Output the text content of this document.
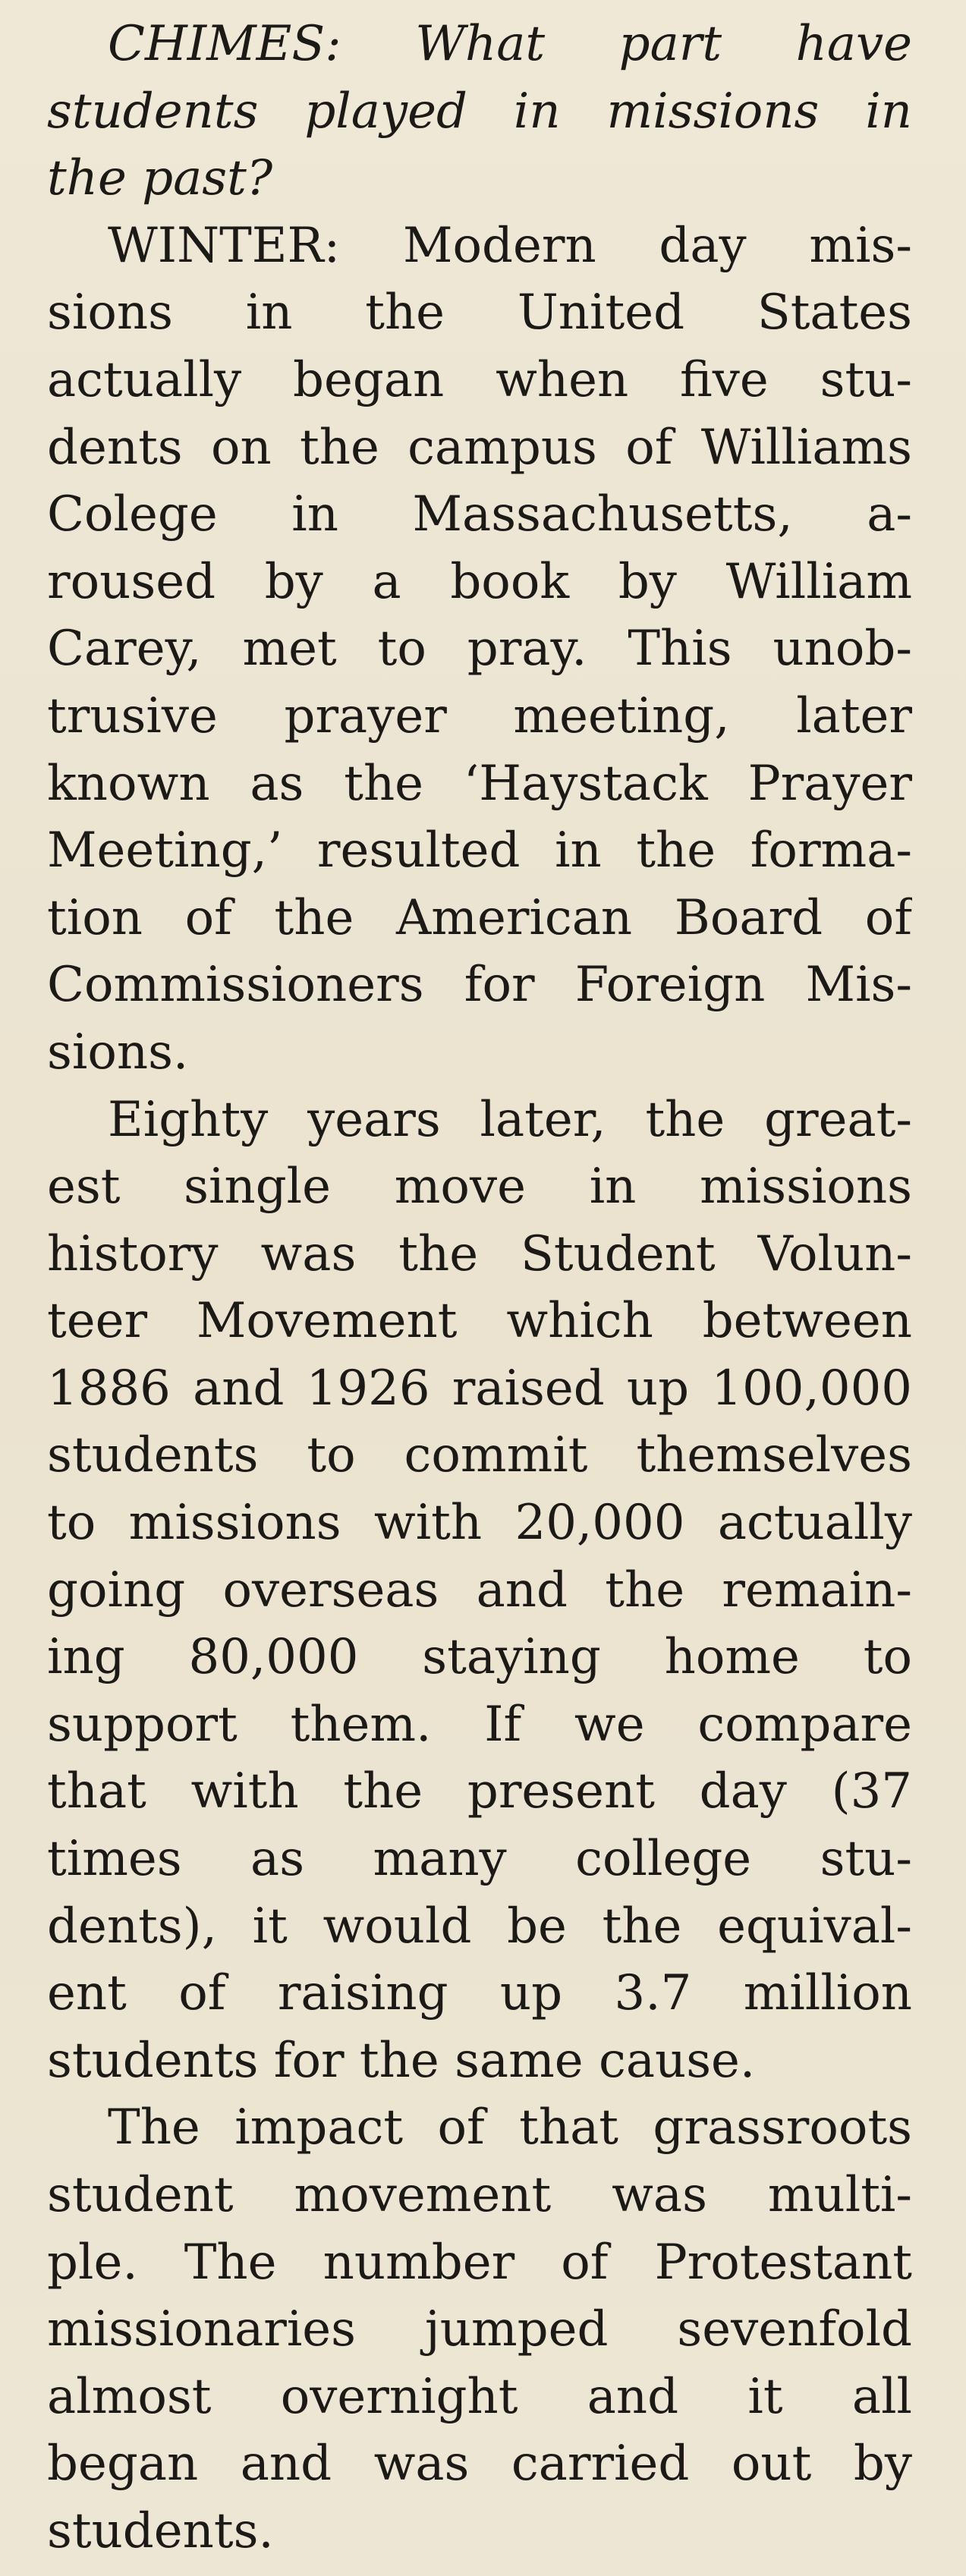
CHIMES: What part have
students played in missions in
the past?
WINTER: Modern day mis-
sions in the United States
actually began when five stu-
dents on the campus of Williams
Colege in Massachusetts, a-
roused by a book by William
Carey, met to pray. This unob-
trusive prayer meeting, later
known as the ‘Haystack Prayer
Meeting,’ resulted in the forma-
tion of the American Board of
Commissioners for Foreign Mis-
sions.
Eighty years later, the great-
est single move in missions
history was the Student Volun-
teer Movement which between
1886 and 1926 raised up 100,000
students to commit themselves
to missions with 20,000 actually
going overseas and the remain-
ing 80,000 staying home to
support them. If we compare
that with the present day (37
times as many college stu-
dents), it would be the equival-
ent of raising up 3.7 million
students for the same cause.
The impact of that grassroots
student movement was multi-
ple. The number of Protestant
missionaries jumped sevenfold
almost overnight and it all
began and was carried out by
students.
